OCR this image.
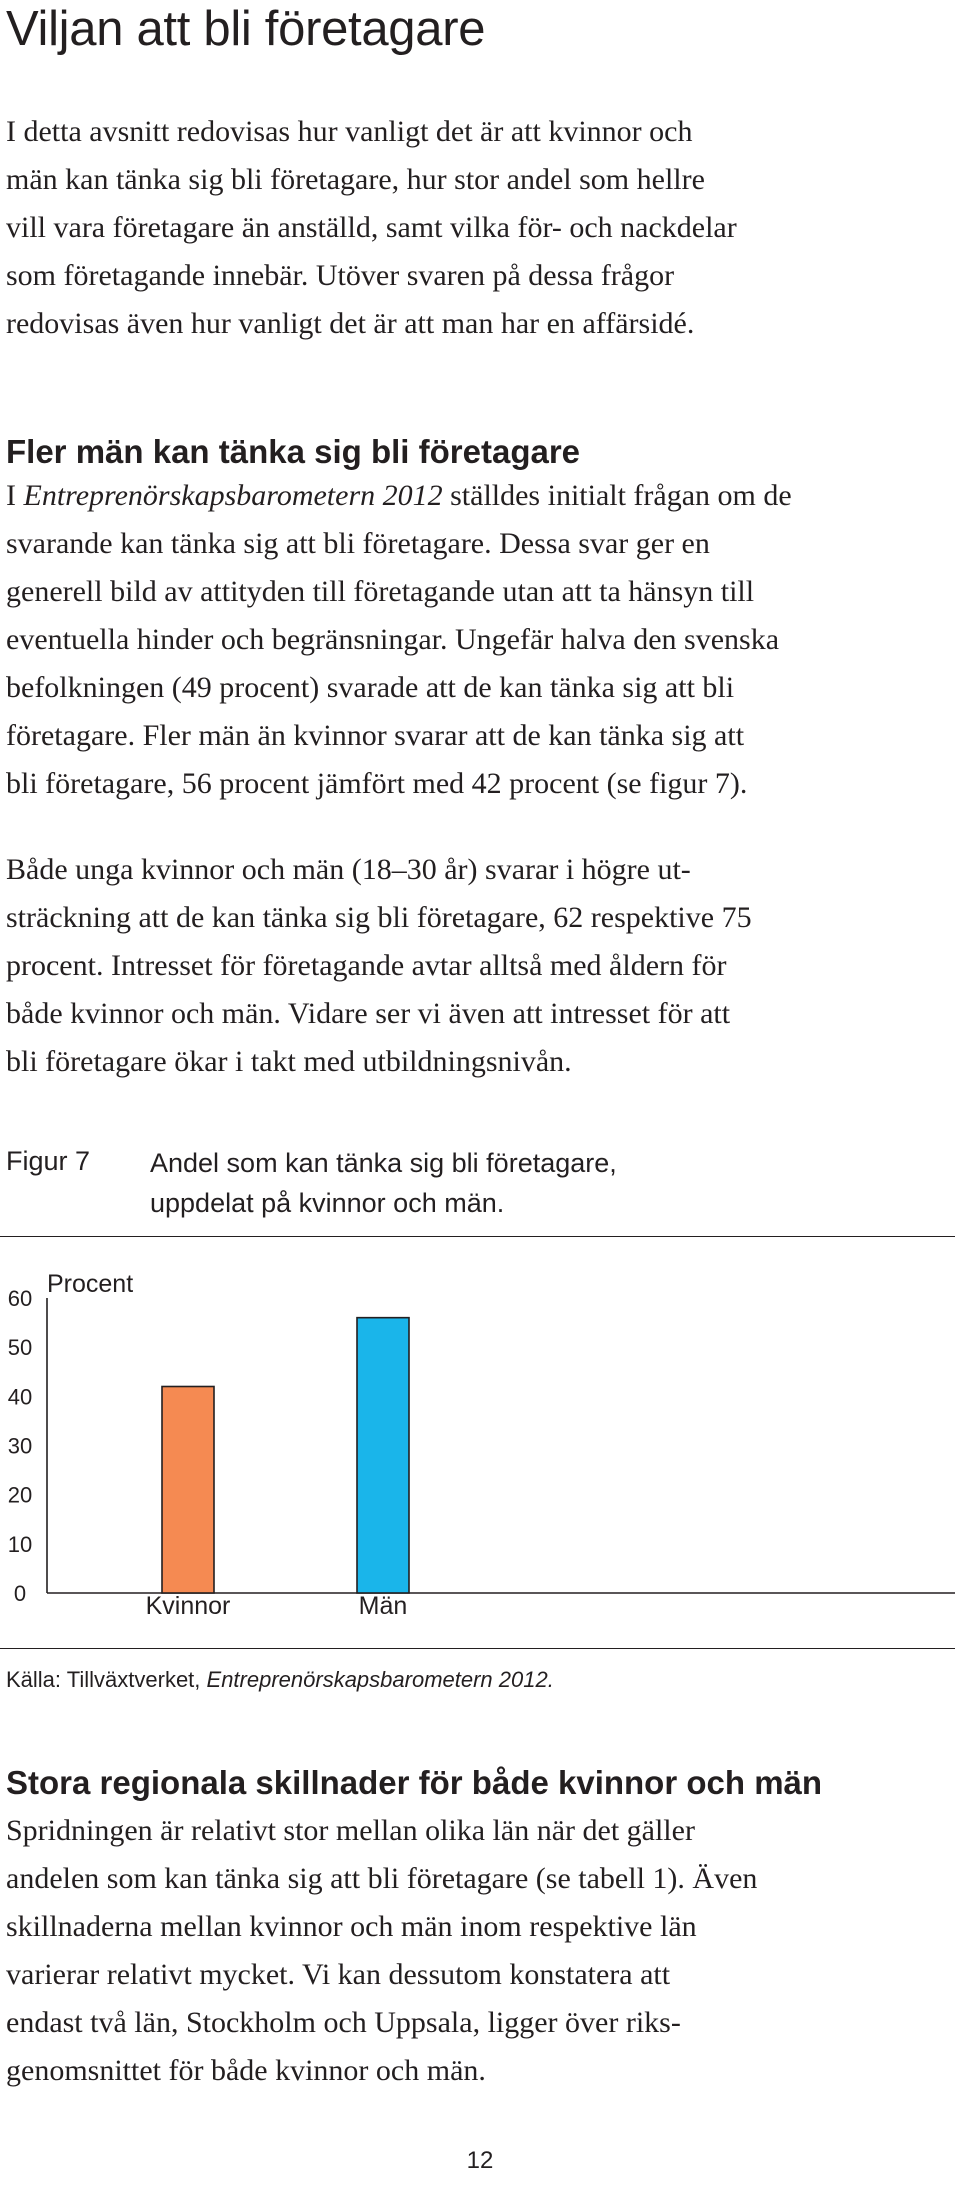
Viljan att bli företagare

I detta avsnitt redovisas hur vanligt det är att kvinnor och
män kan tänka sig bli företagare, hur stor andel som hellre
vill vara företagare än anställd, samt vilka för- och nackdelar
som företagande innebär. Utöver svaren på dessa frågor
redovisas även hur vanligt det är att man har en affärsidé.

Fler män kan tänka sig bli företagare

I Entreprenörskapsbarometern 2012 ställdes initialt frågan om de
svarande kan tänka sig att bli företagare. Dessa svar ger en
generell bild av attityden till företagande utan att ta hänsyn till
eventuella hinder och begränsningar. Ungefär halva den svenska
befolkningen (49 procent) svarade att de kan tänka sig att bli
företagare. Fler män än kvinnor svarar att de kan tänka sig att
bli företagare, 56 procent jämfört med 42 procent (se figur 7).

Både unga kvinnor och män (18–30 år) svarar i högre ut-
sträckning att de kan tänka sig bli företagare, 62 respektive 75
procent. Intresset för företagande avtar alltså med åldern för
både kvinnor och män. Vidare ser vi även att intresset för att
bli företagare ökar i takt med utbildningsnivån.

Figur 7 Andel som kan tänka sig bli företagare,
uppdelat på kvinnor och män.
Procent
0
10
20
30
40
50
60
Kvinnor	Män
Källa: Tillväxtverket, Entreprenörskapsbarometern 2012.
Stora regionala skillnader för både kvinnor och män

Spridningen är relativt stor mellan olika län när det gäller
andelen som kan tänka sig att bli företagare (se tabell 1). Även
skillnaderna mellan kvinnor och män inom respektive län
varierar relativt mycket. Vi kan dessutom konstatera att
endast två län, Stockholm och Uppsala, ligger över riks-
genomsnittet för både kvinnor och män.

12
